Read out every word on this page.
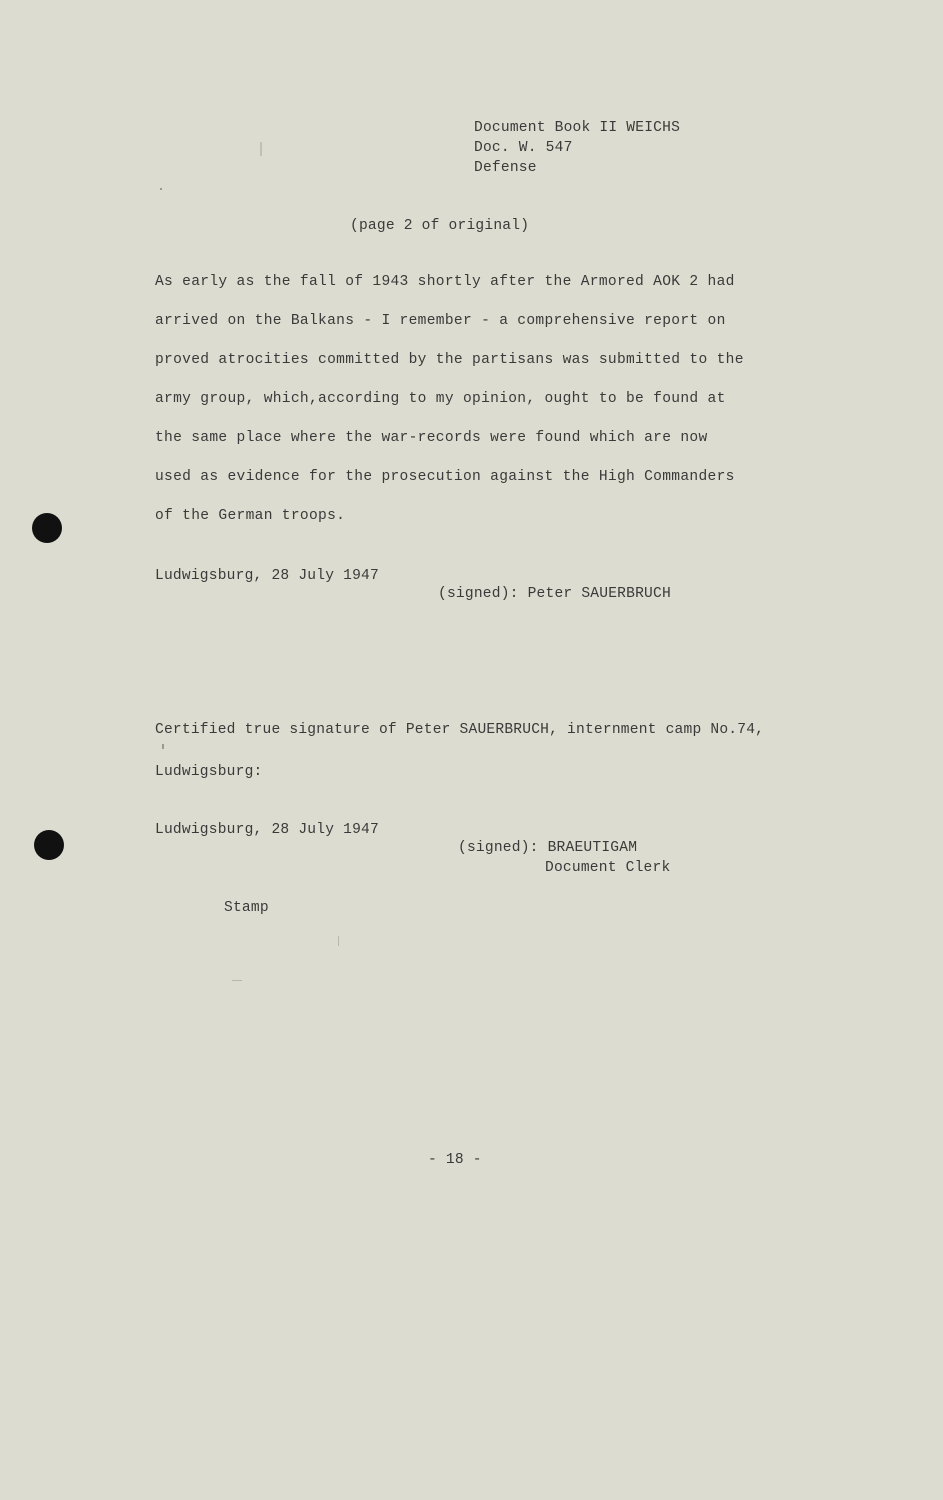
Document Book II WEICHS
Doc. W. 547
Defense
(page 2 of original)
As early as the fall of 1943 shortly after the Armored AOK 2 had
arrived on the Balkans - I remember - a comprehensive report on
proved atrocities committed by the partisans was submitted to the
army group, which,according to my opinion, ought to be found at
the same place where the war-records were found which are now
used as evidence for the prosecution against the High Commanders
of the German troops.
Ludwigsburg, 28 July 1947
(signed): Peter SAUERBRUCH
Certified true signature of Peter SAUERBRUCH, internment camp No.74,
Ludwigsburg:
Ludwigsburg, 28 July 1947
(signed): BRAEUTIGAM
Document Clerk
Stamp
- 18 -
